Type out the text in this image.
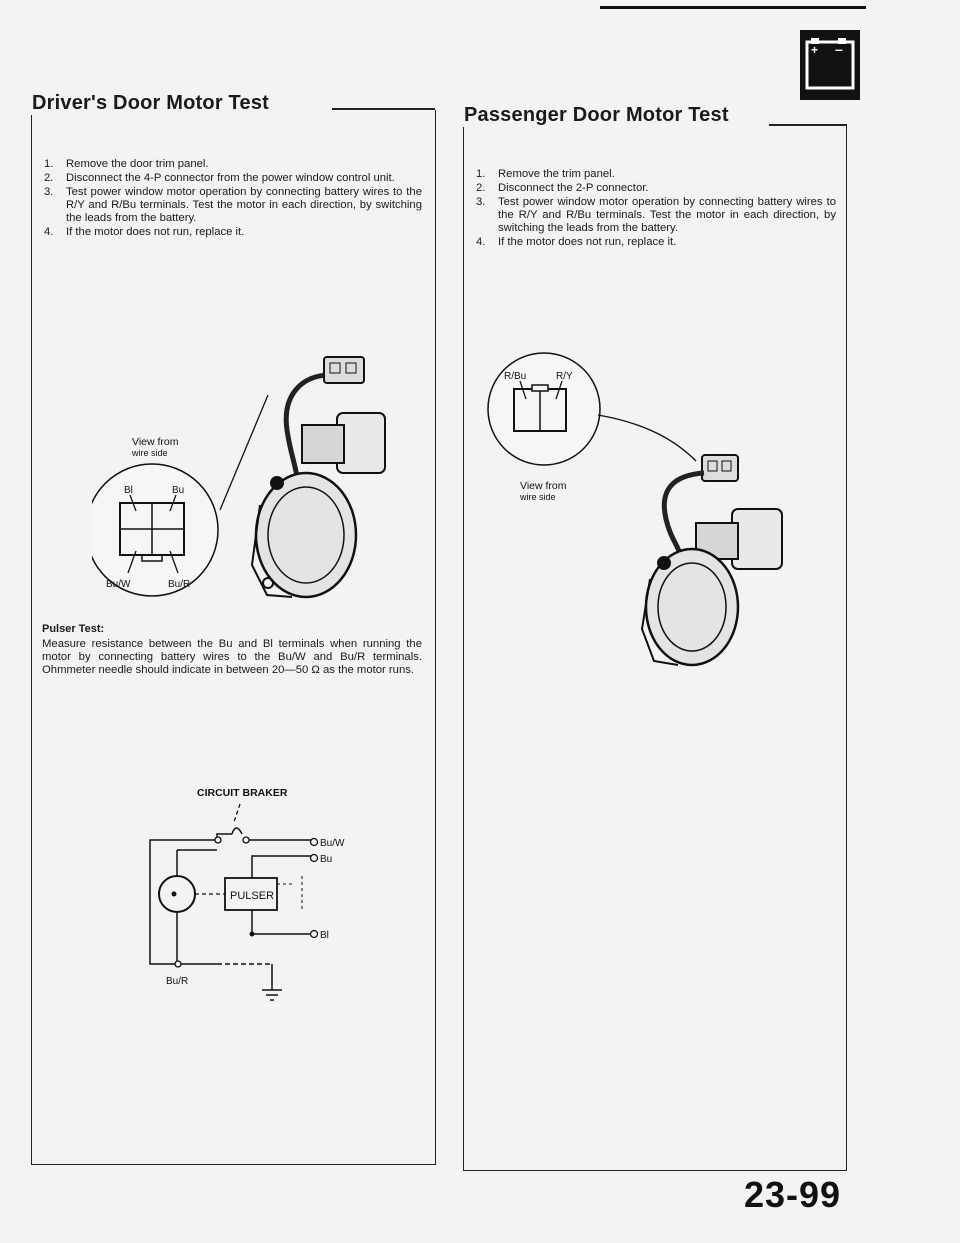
+ –
Driver's Door Motor Test
1. Remove the door trim panel.
2. Disconnect the 4-P connector from the power window control unit.
3. Test power window motor operation by connecting battery wires to the R/Y and R/Bu terminals. Test the motor in each direction, by switching the leads from the battery.
4. If the motor does not run, replace it.
Bl	Bu
Bu/W	Bu/R
View from
wire side
Pulser Test:
Measure resistance between the Bu and Bl terminals when running the motor by connecting battery wires to the Bu/W and Bu/R terminals. Ohmmeter needle should indicate in between 20—50 Ω as the motor runs.
CIRCUIT BRAKER
PULSER
Bu/W
Bu
Bl
Bu/R
Passenger Door Motor Test
1. Remove the trim panel.
2. Disconnect the 2-P connector.
3. Test power window motor operation by connecting battery wires to the R/Y and R/Bu terminals. Test the motor in each direction, by switching the leads from the battery.
4. If the motor does not run, replace it.
R/Bu	R/Y
View from
wire side
23-99
